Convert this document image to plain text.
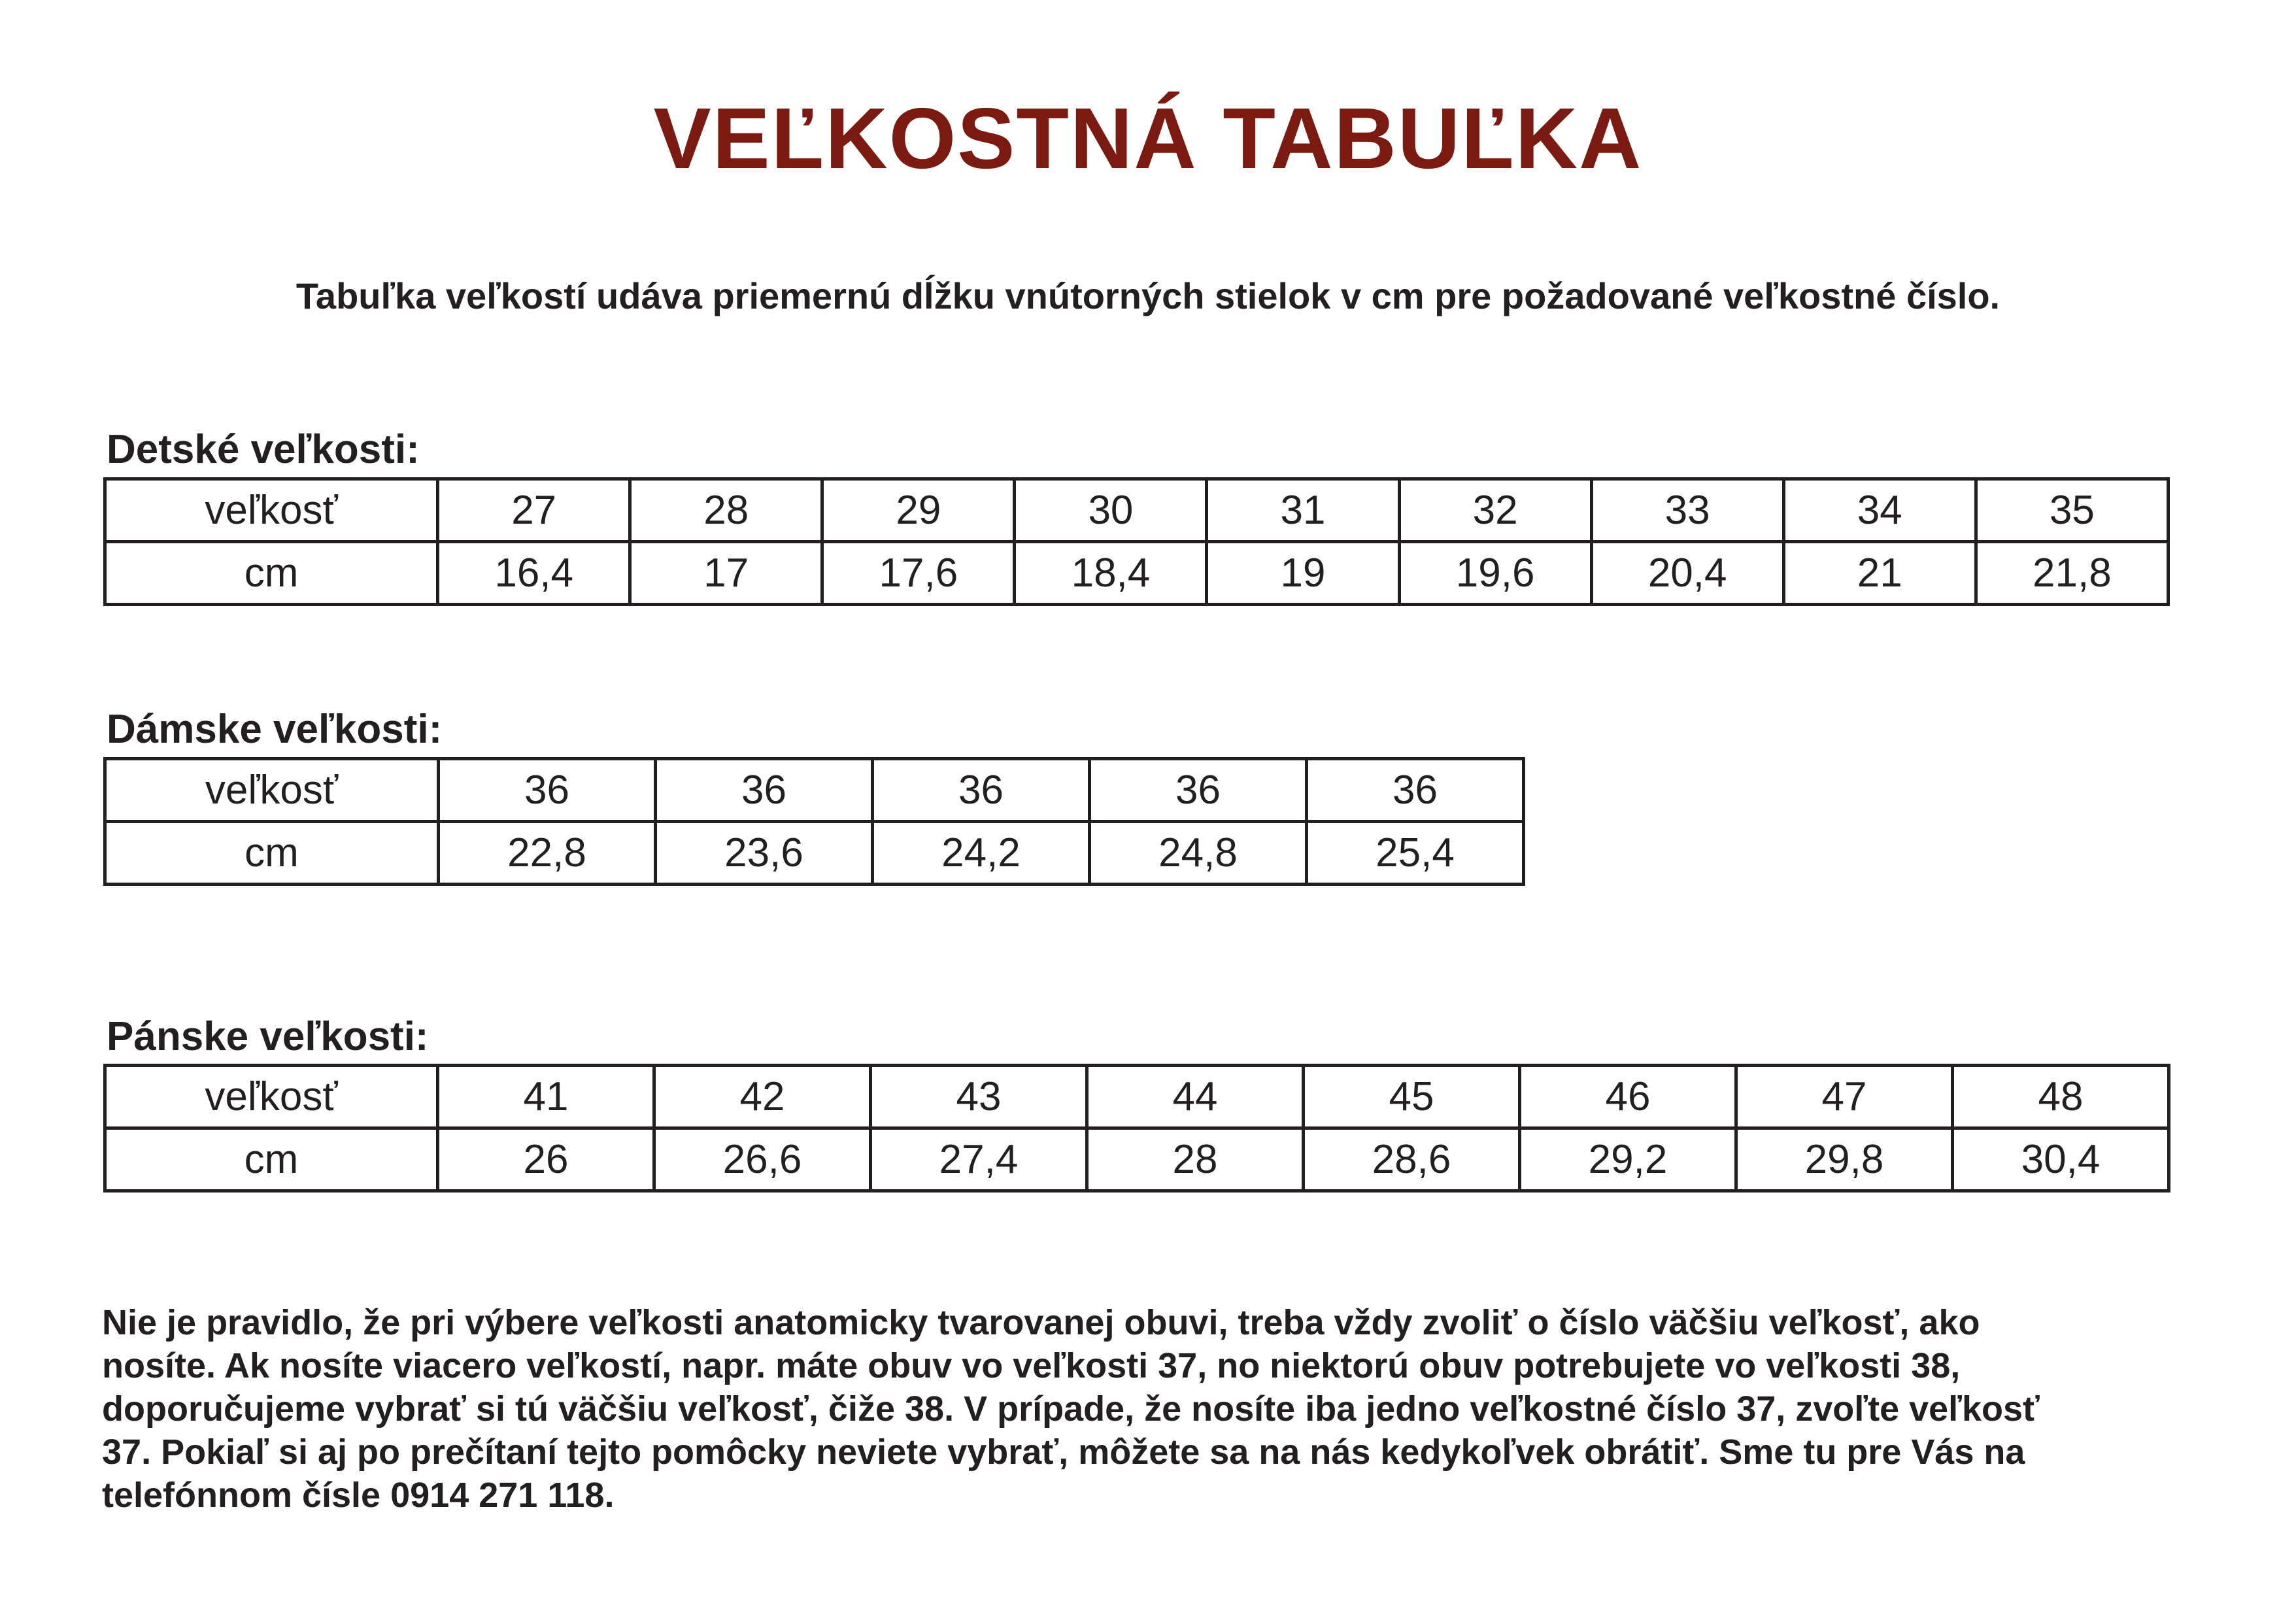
VEĽKOSTNÁ TABUĽKA
Tabuľka veľkostí udáva priemernú dĺžku vnútorných stielok v cm pre požadované veľkostné číslo.
Detské veľkosti:
veľkosť	27	28	29	30	31	32	33	34	35
cm	16,4	17	17,6	18,4	19	19,6	20,4	21	21,8
Dámske veľkosti:
veľkosť	36	36	36	36	36
cm	22,8	23,6	24,2	24,8	25,4
Pánske veľkosti:
veľkosť	41	42	43	44	45	46	47	48
cm	26	26,6	27,4	28	28,6	29,2	29,8	30,4
Nie je pravidlo, že pri výbere veľkosti anatomicky tvarovanej obuvi, treba vždy zvoliť o číslo väčšiu veľkosť, ako
nosíte. Ak nosíte viacero veľkostí, napr. máte obuv vo veľkosti 37, no niektorú obuv potrebujete vo veľkosti 38,
doporučujeme vybrať si tú väčšiu veľkosť, čiže 38. V prípade, že nosíte iba jedno veľkostné číslo 37, zvoľte veľkosť
37. Pokiaľ si aj po prečítaní tejto pomôcky neviete vybrať, môžete sa na nás kedykoľvek obrátiť. Sme tu pre Vás na
telefónnom čísle 0914 271 118.
